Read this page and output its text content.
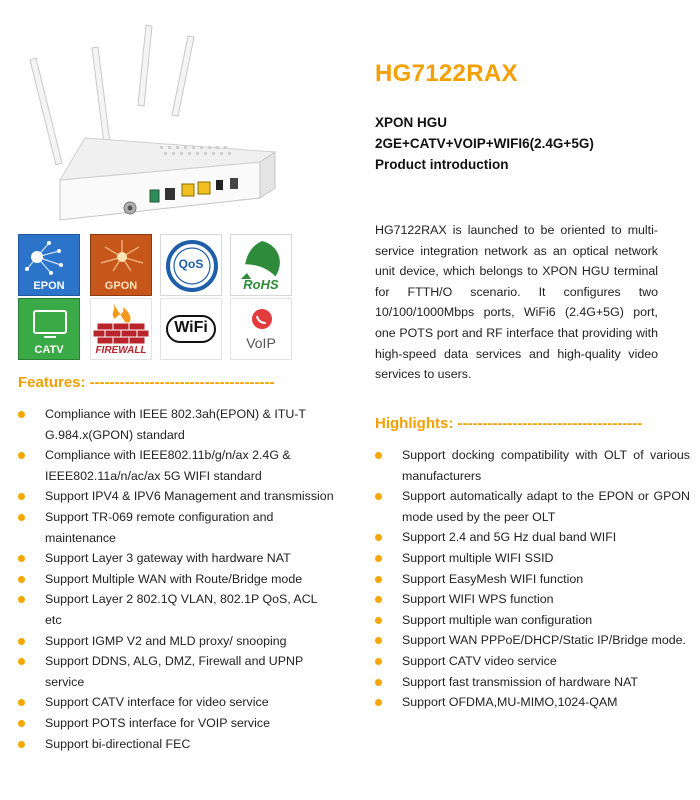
EPON	GPON
QoS
RoHS
CATV	FIREWALL
WiFi
VoIP
HG7122RAX
XPON HGU
2GE+CATV+VOIP+WIFI6(2.4G+5G)
Product introduction
HG7122RAX is launched to be oriented to multi-service integration network as an optical network unit device, which belongs to XPON HGU terminal for FTTH/O scenario. It configures two 10/100/1000Mbps ports, WiFi6 (2.4G+5G) port, one POTS port and RF interface that providing with high-speed data services and high-quality video services to users.
Features: -------------------------------------
Compliance with IEEE 802.3ah(EPON) & ITU-T G.984.x(GPON) standard
Compliance with IEEE802.11b/g/n/ax 2.4G & IEEE802.11a/n/ac/ax 5G WIFI standard
Support IPV4 & IPV6 Management and transmission
Support TR-069 remote configuration and maintenance
Support Layer 3 gateway with hardware NAT
Support Multiple WAN with Route/Bridge mode
Support Layer 2 802.1Q VLAN, 802.1P QoS, ACL etc
Support IGMP V2 and MLD proxy/ snooping
Support DDNS, ALG, DMZ, Firewall and UPNP service
Support CATV interface for video service
Support POTS interface for VOIP service
Support bi-directional FEC
Highlights: -------------------------------------
Support docking compatibility with OLT of various manufacturers
Support automatically adapt to the EPON or GPON mode used by the peer OLT
Support 2.4 and 5G Hz dual band WIFI
Support multiple WIFI SSID
Support EasyMesh WIFI function
Support WIFI WPS function
Support multiple wan configuration
Support WAN PPPoE/DHCP/Static IP/Bridge mode.
Support CATV video service
Support fast transmission of hardware NAT
Support OFDMA,MU-MIMO,1024-QAM
